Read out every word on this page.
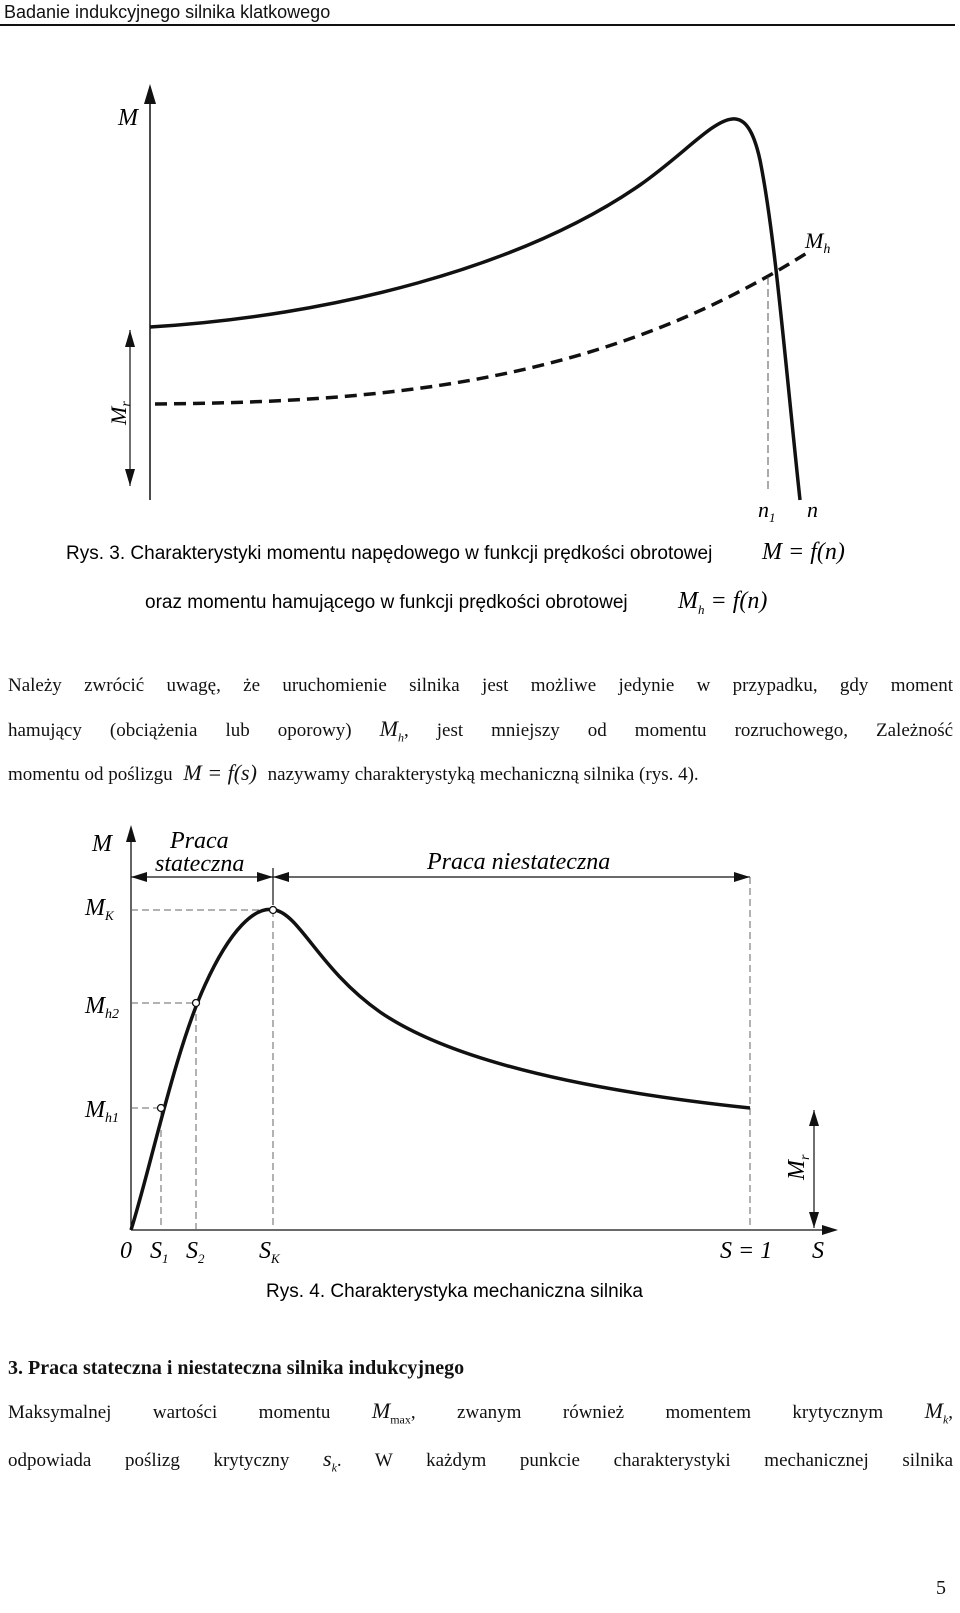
Badanie indukcyjnego silnika klatkowego
M
Mr
$M_h$
$n_1$ n
Rys. 3. Charakterystyki momentu napędowego w funkcji prędkości obrotowej M = f(n)
oraz momentu hamującego w funkcji prędkości obrotowej $M_h = f(n)$
Należy zwrócić uwagę, że uruchomienie silnika jest możliwe jedynie w przypadku, gdy moment
hamujący (obciążenia lub oporowy) $M_h$, jest mniejszy od momentu rozruchowego, Zależność
momentu od poślizgu M = f(s) nazywamy charakterystyką mechaniczną silnika (rys. 4).
M Praca
stateczna	Praca niestateczna
$M_K$
$M_{h2}$
$M_{h1}$
$M_r$
0 $S_1$ $S_2$ $S_K$	S = 1 S
Rys. 4. Charakterystyka mechaniczna silnika
3. Praca stateczna i niestateczna silnika indukcyjnego
Maksymalnej wartości momentu $M_{max}$, zwanym również momentem krytycznym $M_k$,
odpowiada poślizg krytyczny $s_k$. W każdym punkcie charakterystyki mechanicznej silnika
5
